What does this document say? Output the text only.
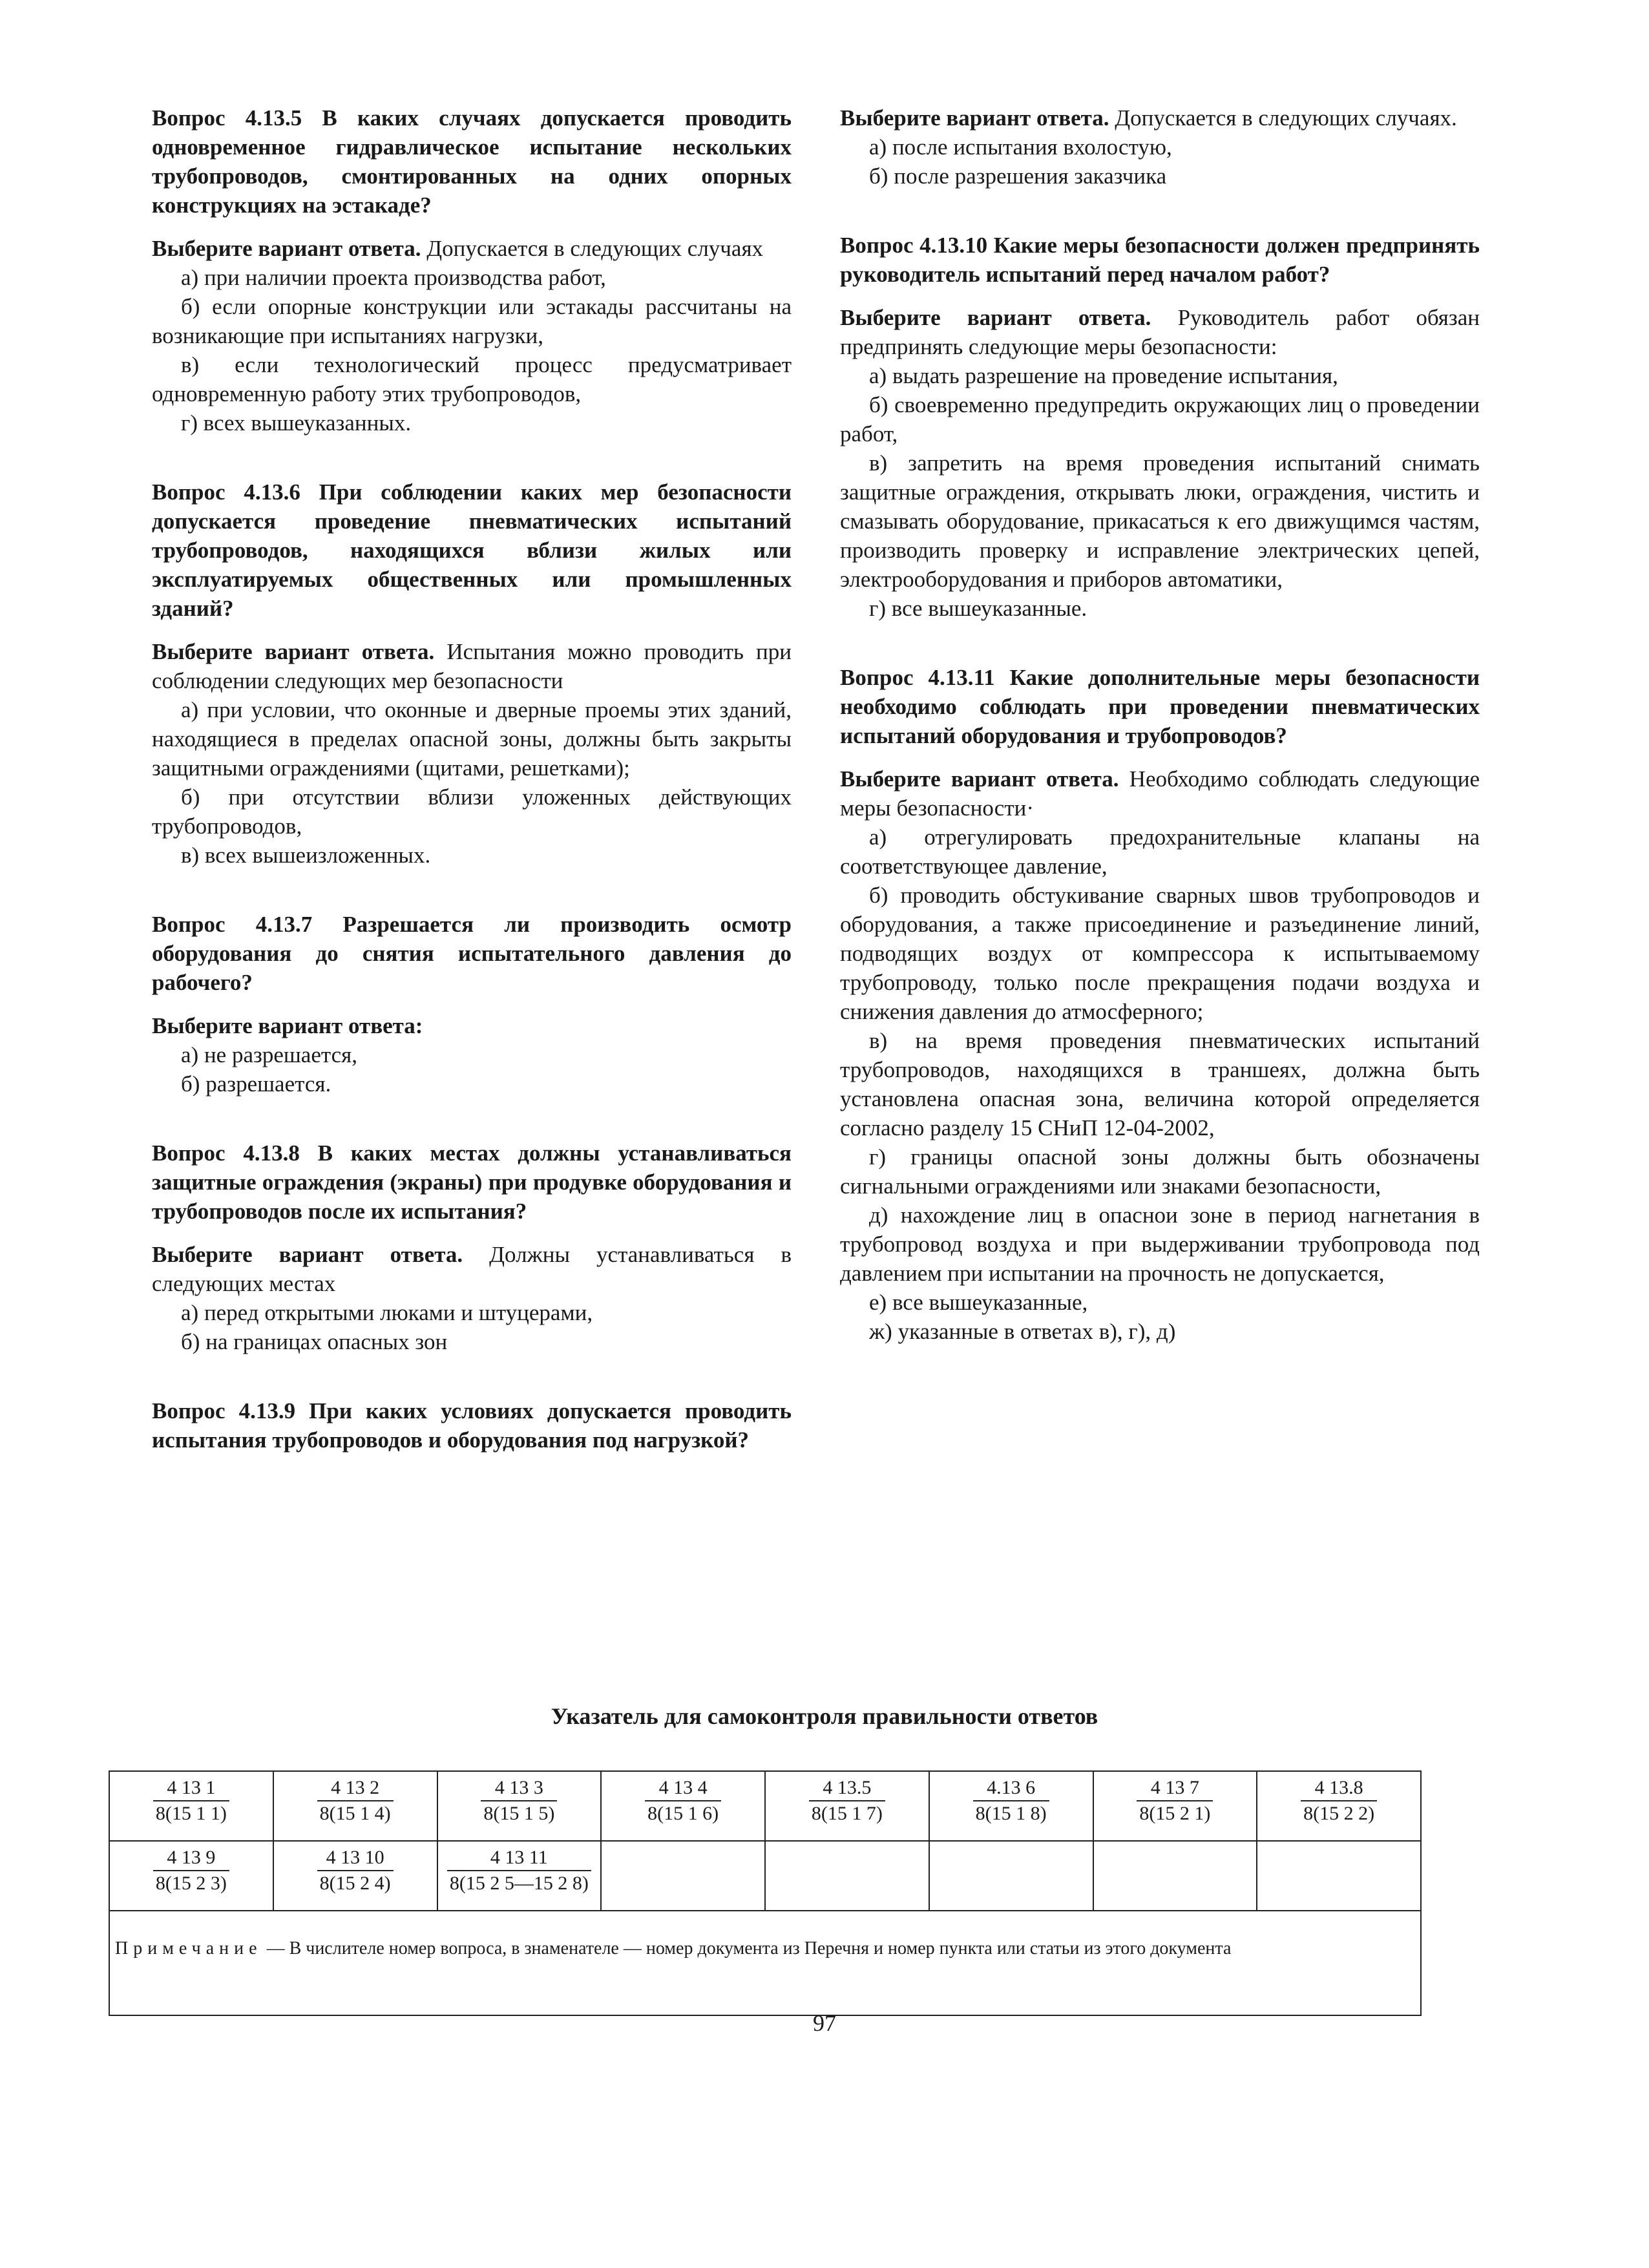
Вопрос 4.13.5 В каких случаях допускается проводить одновременное гидравлическое испытание нескольких трубопроводов, смонтированных на одних опорных конструкциях на эстакаде?

Выберите вариант ответа. Допускается в следующих случаях

а) при наличии проекта производства работ,

б) если опорные конструкции или эстакады рассчитаны на возникающие при испытаниях нагрузки,

в) если технологический процесс предусматривает одновременную работу этих трубопроводов,

г) всех вышеуказанных.

Вопрос 4.13.6 При соблюдении каких мер безопасности допускается проведение пневматических испытаний трубопроводов, находящихся вблизи жилых или эксплуатируемых общественных или промышленных зданий?

Выберите вариант ответа. Испытания можно проводить при соблюдении следующих мер безопасности

а) при условии, что оконные и дверные проемы этих зданий, находящиеся в пределах опасной зоны, должны быть закрыты защитными ограждениями (щитами, решетками);

б) при отсутствии вблизи уложенных действующих трубопроводов,

в) всех вышеизложенных.

Вопрос 4.13.7 Разрешается ли производить осмотр оборудования до снятия испытательного давления до рабочего?

Выберите вариант ответа:

а) не разрешается,

б) разрешается.

Вопрос 4.13.8 В каких местах должны устанавливаться защитные ограждения (экраны) при продувке оборудования и трубопроводов после их испытания?

Выберите вариант ответа. Должны устанавливаться в следующих местах

а) перед открытыми люками и штуцерами,

б) на границах опасных зон

Вопрос 4.13.9 При каких условиях допускается проводить испытания трубопроводов и оборудования под нагрузкой?

Выберите вариант ответа. Допускается в следующих случаях.

а) после испытания вхолостую,

б) после разрешения заказчика

Вопрос 4.13.10 Какие меры безопасности должен предпринять руководитель испытаний перед началом работ?

Выберите вариант ответа. Руководитель работ обязан предпринять следующие меры безопасности:

а) выдать разрешение на проведение испытания,

б) своевременно предупредить окружающих лиц о проведении работ,

в) запретить на время проведения испытаний снимать защитные ограждения, открывать люки, ограждения, чистить и смазывать оборудование, прикасаться к его движущимся частям, производить проверку и исправление электрических цепей, электрооборудования и приборов автоматики,

г) все вышеуказанные.

Вопрос 4.13.11 Какие дополнительные меры безопасности необходимо соблюдать при проведении пневматических испытаний оборудования и трубопроводов?

Выберите вариант ответа. Необходимо соблюдать следующие меры безопасности·

а) отрегулировать предохранительные клапаны на соответствующее давление,

б) проводить обстукивание сварных швов трубопроводов и оборудования, а также присоединение и разъединение линий, подводящих воздух от компрессора к испытываемому трубопроводу, только после прекращения подачи воздуха и снижения давления до атмосферного;

в) на время проведения пневматических испытаний трубопроводов, находящихся в траншеях, должна быть установлена опасная зона, величина которой определяется согласно разделу 15 СНиП 12-04-2002,

г) границы опасной зоны должны быть обозначены сигнальными ограждениями или знаками безопасности,

д) нахождение лиц в опаснои зоне в период нагнетания в трубопровод воздуха и при выдерживании трубопровода под давлением при испытании на прочность не допускается,

е) все вышеуказанные,

ж) указанные в ответах в), г), д)

Указатель для самоконтроля правильности ответов
$\frac{4 13 1}{8(15 1 1)}$	$\frac{4 13 2}{8(15 1 4)}$	$\frac{4 13 3}{8(15 1 5)}$	$\frac{4 13 4}{8(15 1 6)}$	$\frac{4 13.5}{8(15 1 7)}$	$\frac{4.13 6}{8(15 1 8)}$	$\frac{4 13 7}{8(15 2 1)}$	$\frac{4 13.8}{8(15 2 2)}$

$\frac{4 13 9}{8(15 2 3)}$	$\frac{4 13 10}{8(15 2 4)}$	$\frac{4 13 11}{8(15 2 5—15 2 8)}$

Примечание — В числителе номер вопроса, в знаменателе — номер документа из Перечня и номер пункта или статьи из этого документа							
97
